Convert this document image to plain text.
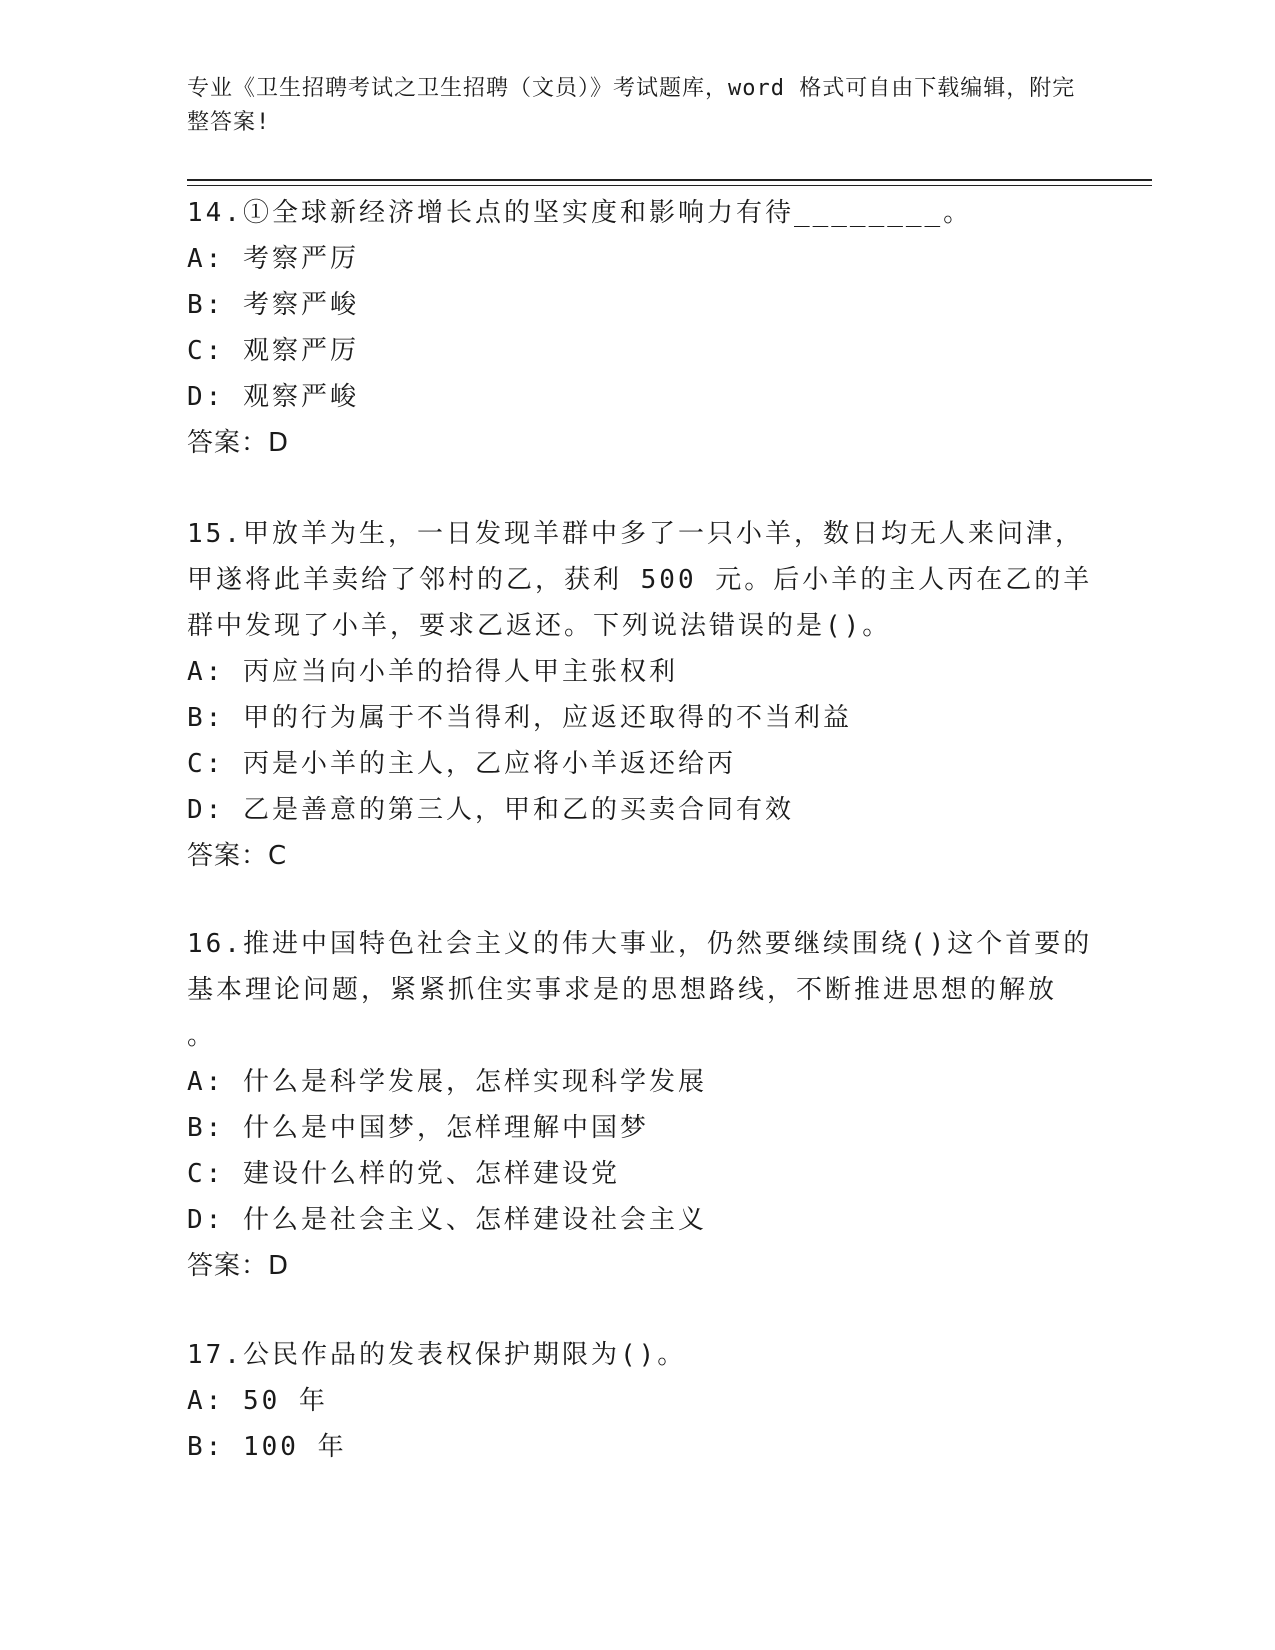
专业《卫生招聘考试之卫生招聘（文员）》考试题库，word 格式可自由下载编辑，附完整答案!
14.①全球新经济增长点的坚实度和影响力有待________。
A: 考察严厉
B: 考察严峻
C: 观察严厉
D: 观察严峻
答案：D
15.甲放羊为生，一日发现羊群中多了一只小羊，数日均无人来问津，
甲遂将此羊卖给了邻村的乙，获利 500 元。后小羊的主人丙在乙的羊
群中发现了小羊，要求乙返还。下列说法错误的是()。
A: 丙应当向小羊的拾得人甲主张权利
B: 甲的行为属于不当得利，应返还取得的不当利益
C: 丙是小羊的主人，乙应将小羊返还给丙
D: 乙是善意的第三人，甲和乙的买卖合同有效
答案：C
16.推进中国特色社会主义的伟大事业，仍然要继续围绕()这个首要的
基本理论问题，紧紧抓住实事求是的思想路线，不断推进思想的解放
。
A: 什么是科学发展，怎样实现科学发展
B: 什么是中国梦，怎样理解中国梦
C: 建设什么样的党、怎样建设党
D: 什么是社会主义、怎样建设社会主义
答案：D
17.公民作品的发表权保护期限为()。
A: 50 年
B: 100 年
